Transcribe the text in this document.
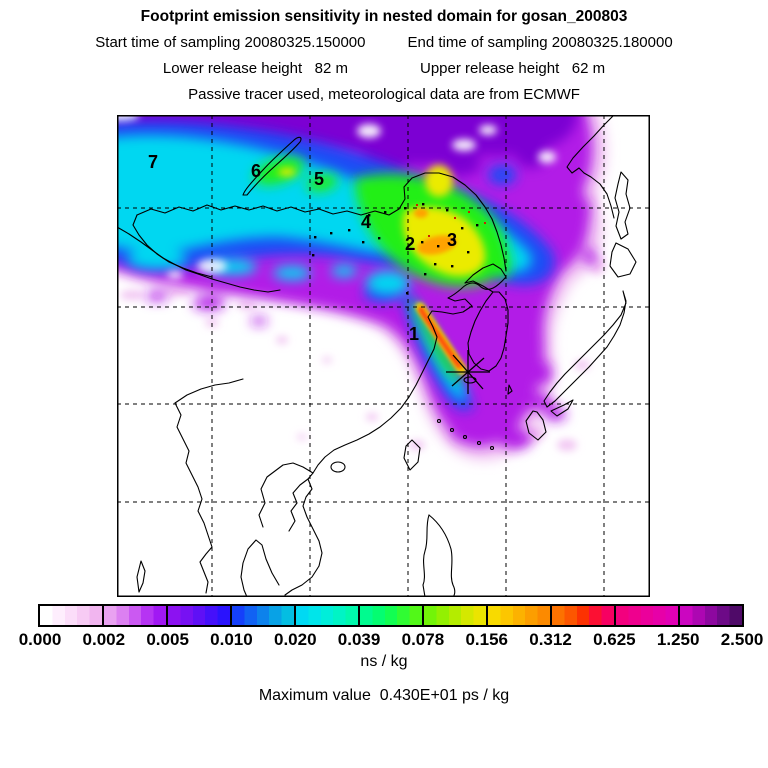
Footprint emission sensitivity in nested domain for gosan_200803
Start time of sampling 20080325.150000	End time of sampling 20080325.180000
Lower release height   82 m	Upper release height   62 m
Passive tracer used, meteorological data are from ECMWF
7	6	5
4
2 3
1
0.000 0.002 0.005 0.010 0.020 0.039 0.078 0.156 0.312 0.625 1.250 2.500
ns / kg
Maximum value  0.430E+01 ps / kg
